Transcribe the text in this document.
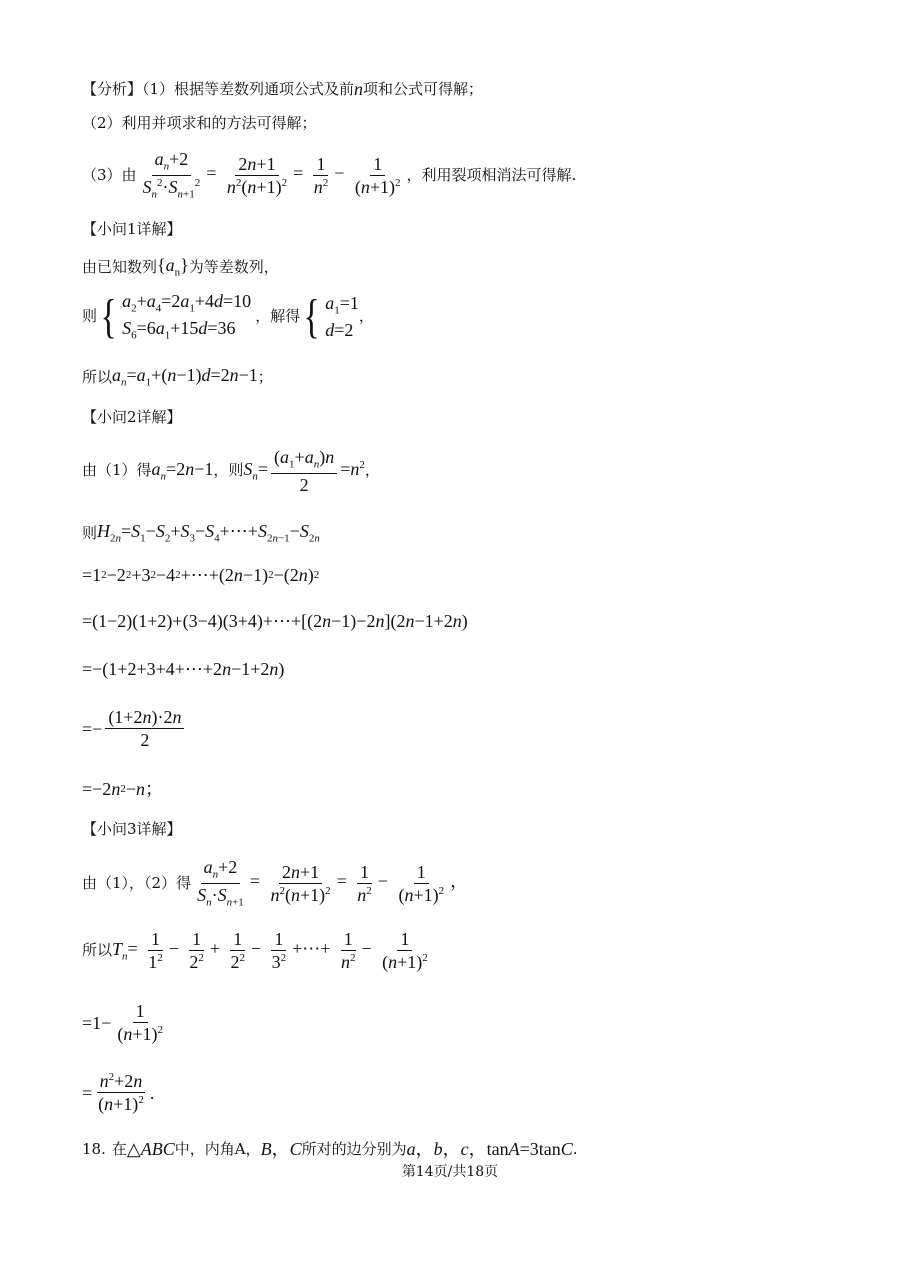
【分析】（1）根据等差数列通项公式及前 n 项和公式可得解；
（2）利用并项求和的方法可得解；
（3）由 $\frac{a_n+2}{S_n^2\cdot S_{n+1}^2} = \frac{2n+1}{n^2(n+1)^2} = \frac{1}{n^2} - \frac{1}{(n+1)^2}$ ，利用裂项相消法可得解.
【小问1详解】
由已知数列 $\{a_n\}$ 为等差数列，
则 { $a_2+a_4=2a_1+4d=10$
$S_6=6a_1+15d=36$
，解得 { $a_1=1$
d=2
，
所以 $a_n=a_1+(n-1)d=2n-1$ ；
【小问2详解】
由（1）得 $a_n=2n-1$ ，则 $S_n= \frac{(a_1+a_n)n}{2} =n^2$ ，
则 $H_{2n}=S_1-S_2+S_3-S_4+\cdots+S_{2n-1}-S_{2n}$
=1 2 −2 2 +3 2 −4 2 +⋯+(2 n −1) 2 −(2 n ) 2
=(1−2)(1+2)+(3−4)(3+4)+⋯+[(2 n −1)−2 n ](2 n −1+2 n )
=−(1+2+3+4+⋯+2 n −1+2 n )
=− $\frac{(1+2n)\cdot 2n}{2}$
=−2 n 2 − n ；
【小问3详解】
由（1），（2）得 $\frac{a_n+2}{S_n\cdot S_{n+1}} = \frac{2n+1}{n^2(n+1)^2} = \frac{1}{n^2} - \frac{1}{(n+1)^2}$ ，
所以 $T_n= \frac{1}{1^2} - \frac{1}{2^2} + \frac{1}{2^2} - \frac{1}{3^2}$ +⋯+ $\frac{1}{n^2} - \frac{1}{(n+1)^2}$
$=1- \frac{1}{(n+1)^2}$
= $\frac{n^2+2n}{(n+1)^2}$ .
18. 在 △ABC 中，内角A， B，C 所对的边分别为 a，b，c，tanA=3tanC .
第14页/共18页
